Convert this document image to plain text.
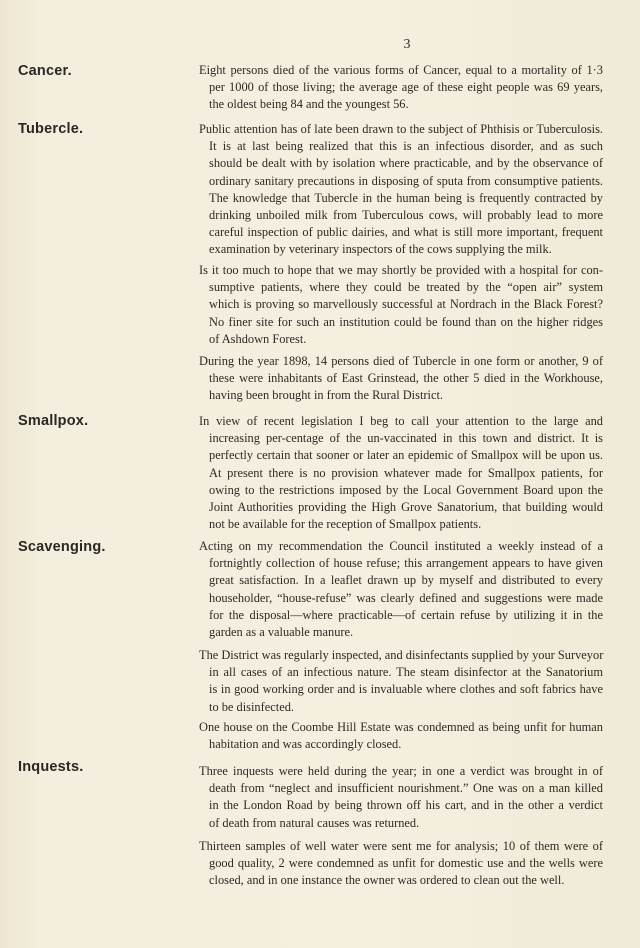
3
Cancer.	Eight persons died of the various forms of Cancer, equal to a mortality of 1·3
per 1000 of those living; the average age of these eight people was 69 years,
the oldest being 84 and the youngest 56.
Tubercle.	Public attention has of late been drawn to the subject of Phthisis or Tuberculosis.
It is at last being realized that this is an infectious disorder, and as such
should be dealt with by isolation where practicable, and by the observance of
ordinary sanitary precautions in disposing of sputa from consumptive patients.
The knowledge that Tubercle in the human being is frequently contracted by
drinking unboiled milk from Tuberculous cows, will probably lead to more
careful inspection of public dairies, and what is still more important, frequent
examination by veterinary inspectors of the cows supplying the milk.
Is it too much to hope that we may shortly be provided with a hospital for con-
sumptive patients, where they could be treated by the “open air” system
which is proving so marvellously successful at Nordrach in the Black Forest?
No finer site for such an institution could be found than on the higher ridges
of Ashdown Forest.
During the year 1898, 14 persons died of Tubercle in one form or another, 9 of
these were inhabitants of East Grinstead, the other 5 died in the Workhouse,
having been brought in from the Rural District.
Smallpox.	In view of recent legislation I beg to call your attention to the large and
increasing per-centage of the un-vaccinated in this town and district. It is
perfectly certain that sooner or later an epidemic of Smallpox will be upon us.
At present there is no provision whatever made for Smallpox patients, for
owing to the restrictions imposed by the Local Government Board upon the
Joint Authorities providing the High Grove Sanatorium, that building would
not be available for the reception of Smallpox patients.
Scavenging.	Acting on my recommendation the Council instituted a weekly instead of a
fortnightly collection of house refuse; this arrangement appears to have given
great satisfaction. In a leaflet drawn up by myself and distributed to every
householder, “house-refuse” was clearly defined and suggestions were made
for the disposal—where practicable—of certain refuse by utilizing it in the
garden as a valuable manure.
The District was regularly inspected, and disinfectants supplied by your Surveyor
in all cases of an infectious nature. The steam disinfector at the Sanatorium
is in good working order and is invaluable where clothes and soft fabrics have
to be disinfected.
One house on the Coombe Hill Estate was condemned as being unfit for human
habitation and was accordingly closed.
Inquests.	Three inquests were held during the year; in one a verdict was brought in of
death from “neglect and insufficient nourishment.” One was on a man killed
in the London Road by being thrown off his cart, and in the other a verdict
of death from natural causes was returned.
Thirteen samples of well water were sent me for analysis; 10 of them were of
good quality, 2 were condemned as unfit for domestic use and the wells were
closed, and in one instance the owner was ordered to clean out the well.
